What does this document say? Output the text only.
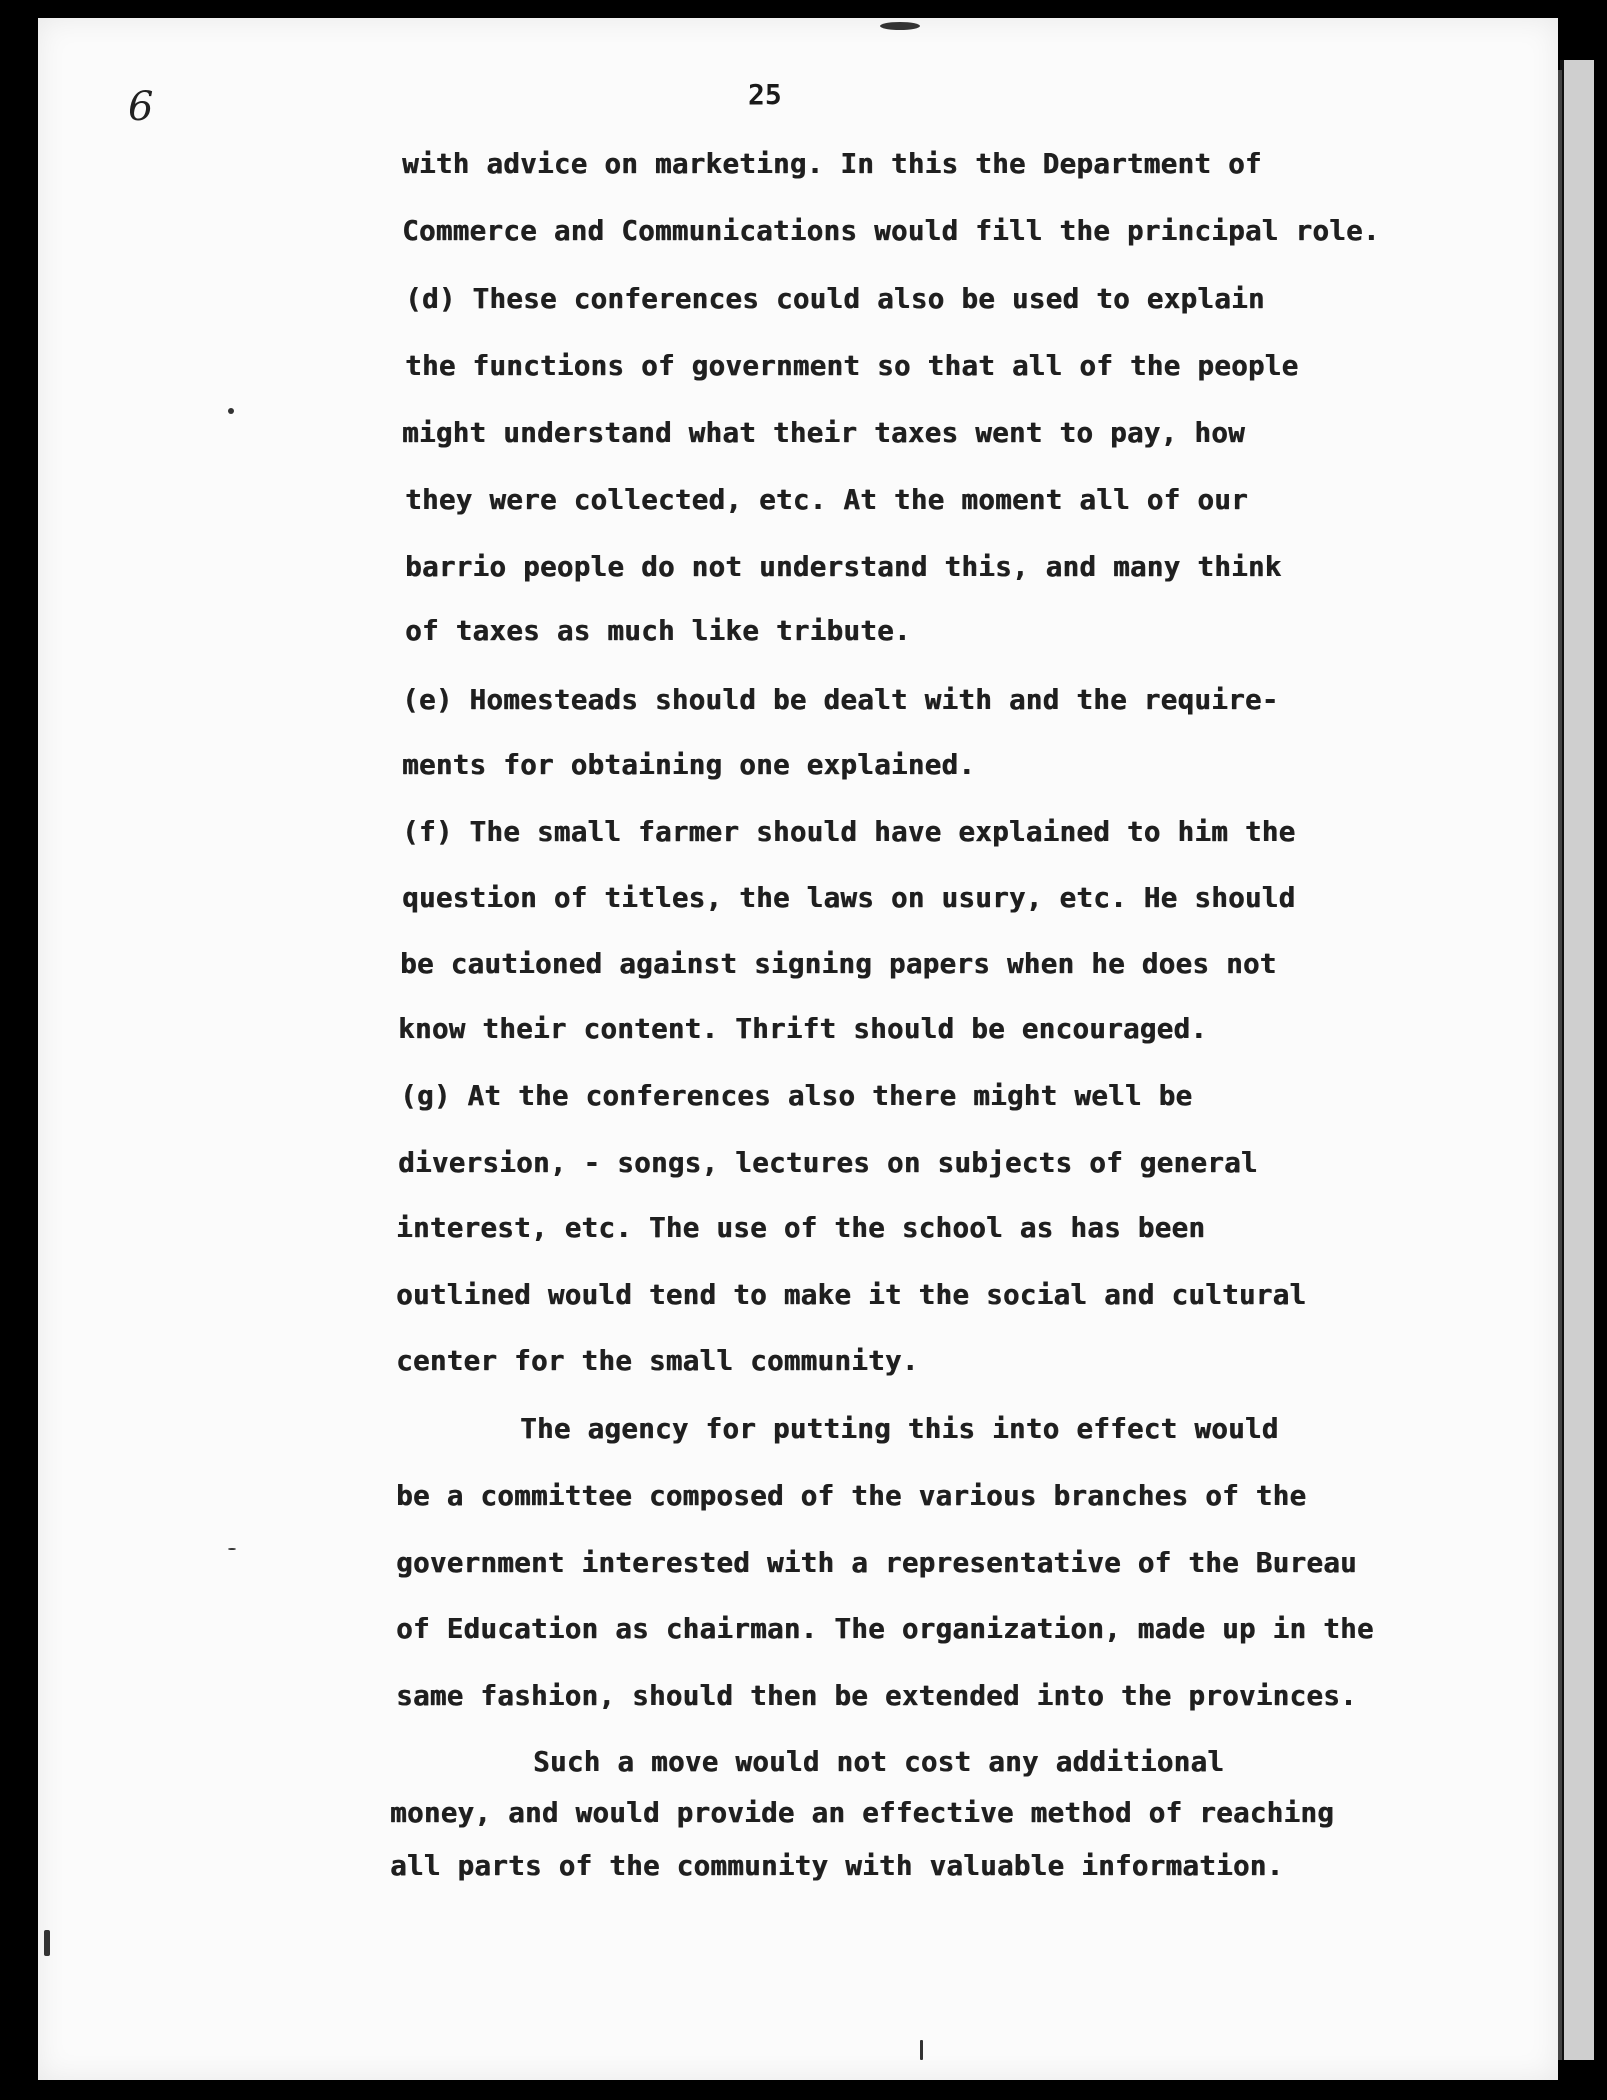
6	25
with advice on marketing. In this the Department of
Commerce and Communications would fill the principal role.
(d) These conferences could also be used to explain
the functions of government so that all of the people
might understand what their taxes went to pay, how
they were collected, etc. At the moment all of our
barrio people do not understand this, and many think
of taxes as much like tribute.
(e) Homesteads should be dealt with and the require-
ments for obtaining one explained.
(f) The small farmer should have explained to him the
question of titles, the laws on usury, etc. He should
be cautioned against signing papers when he does not
know their content. Thrift should be encouraged.
(g) At the conferences also there might well be
diversion, - songs, lectures on subjects of general
interest, etc. The use of the school as has been
outlined would tend to make it the social and cultural
center for the small community.
The agency for putting this into effect would
be a committee composed of the various branches of the
government interested with a representative of the Bureau
of Education as chairman. The organization, made up in the
same fashion, should then be extended into the provinces.
Such a move would not cost any additional
money, and would provide an effective method of reaching
all parts of the community with valuable information.
